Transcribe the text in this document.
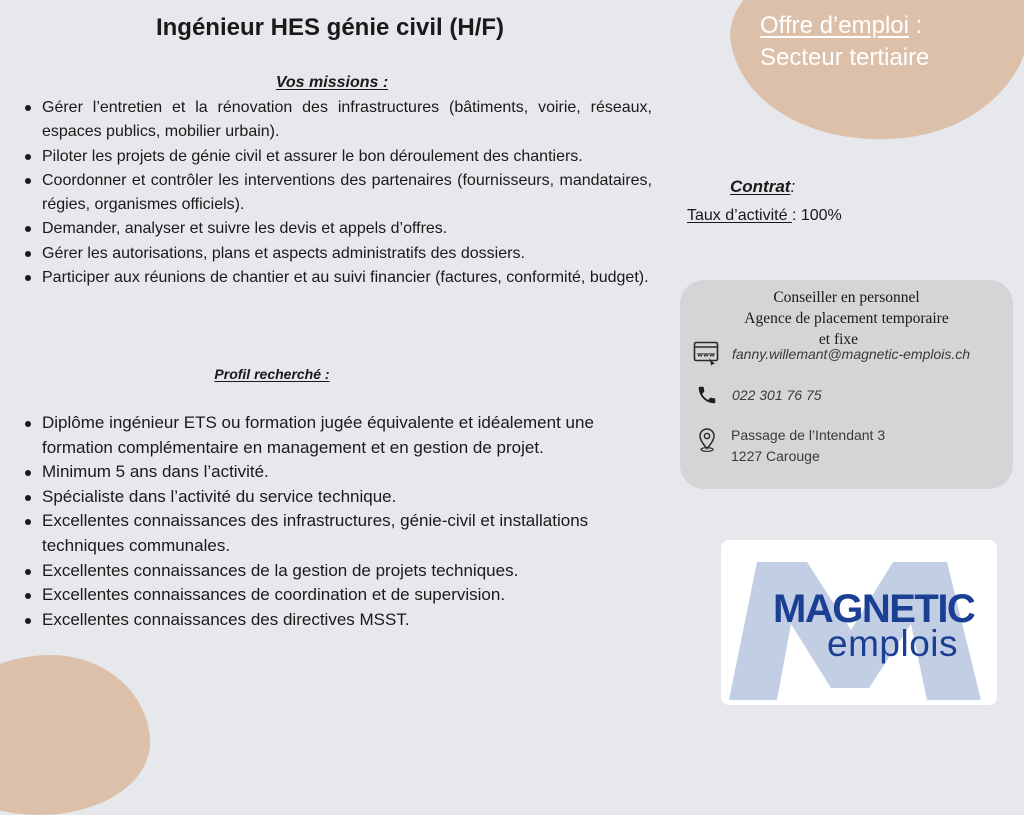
Offre d’emploi :
Secteur tertiaire
Ingénieur HES génie civil (H/F)
Vos missions :
Gérer l’entretien et la rénovation des infrastructures (bâtiments, voirie, réseaux, espaces publics, mobilier urbain).
Piloter les projets de génie civil et assurer le bon déroulement des chantiers.
Coordonner et contrôler les interventions des partenaires (fournisseurs, mandataires, régies, organismes officiels).
Demander, analyser et suivre les devis et appels d’offres.
Gérer les autorisations, plans et aspects administratifs des dossiers.
Participer aux réunions de chantier et au suivi financier (factures, conformité, budget).
Profil recherché :
Diplôme ingénieur ETS ou formation jugée équivalente et idéalement une formation complémentaire en management et en gestion de projet.
Minimum 5 ans dans l’activité.
Spécialiste dans l’activité du service technique.
Excellentes connaissances des infrastructures, génie-civil et installations techniques communales.
Excellentes connaissances de la gestion de projets techniques.
Excellentes connaissances de coordination et de supervision.
Excellentes connaissances des directives MSST.
Contrat:
Taux d’activité : 100%
Conseiller en personnel
Agence de placement temporaire
et fixe
www fanny.willemant@magnetic-emplois.ch
022 301 76 75
Passage de l’Intendant 3
1227 Carouge
MAGNETIC
emplois
